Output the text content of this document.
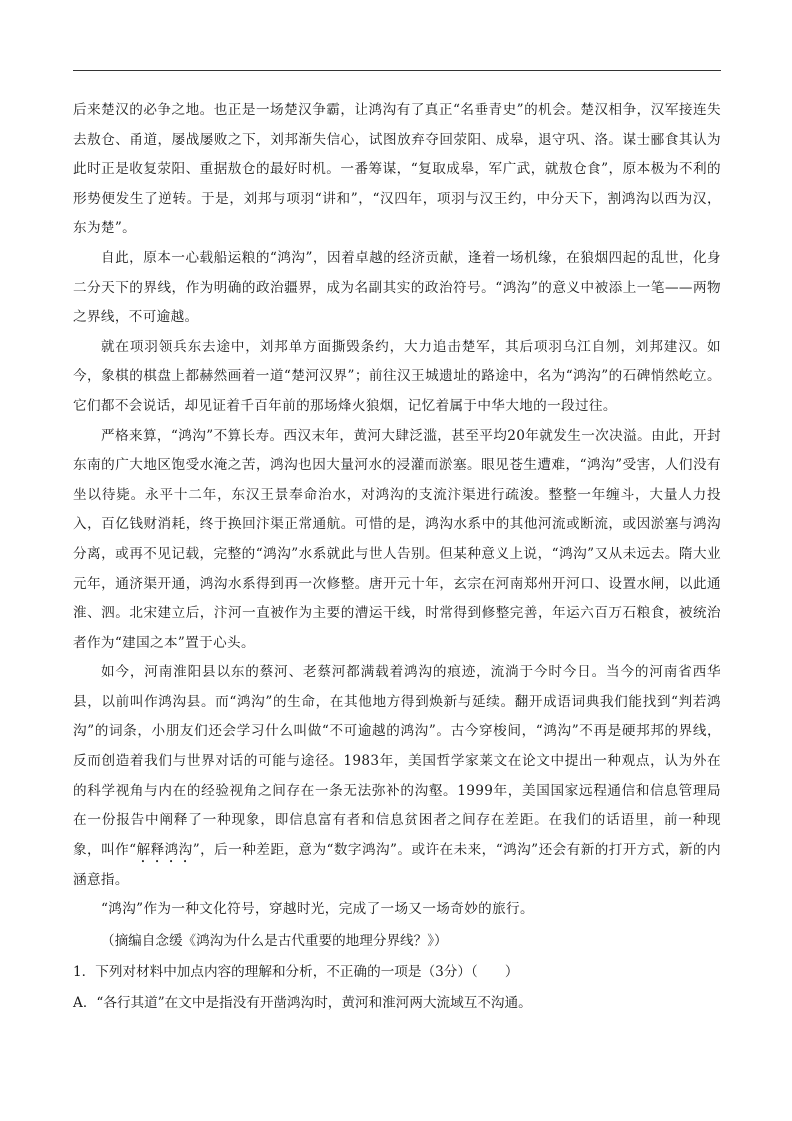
后来楚汉的必争之地。也正是一场楚汉争霸，让鸿沟有了真正“名垂青史”的机会。楚汉相争，汉军接连失去敖仓、甬道，屡战屡败之下，刘邦渐失信心，试图放弃夺回荥阳、成皋，退守巩、洛。谋士郦食其认为此时正是收复荥阳、重据敖仓的最好时机。一番筹谋，“复取成皋，军广武，就敖仓食”，原本极为不利的形势便发生了逆转。于是，刘邦与项羽“讲和”，“汉四年，项羽与汉王约，中分天下，割鸿沟以西为汉，东为楚”。

自此，原本一心载船运粮的“鸿沟”，因着卓越的经济贡献，逢着一场机缘，在狼烟四起的乱世，化身二分天下的界线，作为明确的政治疆界，成为名副其实的政治符号。“鸿沟”的意义中被添上一笔——两物之界线，不可逾越。

就在项羽领兵东去途中，刘邦单方面撕毁条约，大力追击楚军，其后项羽乌江自刎，刘邦建汉。如今，象棋的棋盘上都赫然画着一道“楚河汉界”；前往汉王城遗址的路途中，名为“鸿沟”的石碑悄然屹立。它们都不会说话，却见证着千百年前的那场烽火狼烟，记忆着属于中华大地的一段过往。

严格来算，“鸿沟”不算长寿。西汉末年，黄河大肆泛滥，甚至平均20年就发生一次决溢。由此，开封东南的广大地区饱受水淹之苦，鸿沟也因大量河水的浸灌而淤塞。眼见苍生遭难，“鸿沟”受害，人们没有坐以待毙。永平十二年，东汉王景奉命治水，对鸿沟的支流汴渠进行疏浚。整整一年缠斗，大量人力投入，百亿钱财消耗，终于换回汴渠正常通航。可惜的是，鸿沟水系中的其他河流或断流，或因淤塞与鸿沟分离，或再不见记载，完整的“鸿沟”水系就此与世人告别。但某种意义上说，“鸿沟”又从未远去。隋大业元年，通济渠开通，鸿沟水系得到再一次修整。唐开元十年，玄宗在河南郑州开河口、设置水闸，以此通淮、泗。北宋建立后，汴河一直被作为主要的漕运干线，时常得到修整完善，年运六百万石粮食，被统治者作为“建国之本”置于心头。

如今，河南淮阳县以东的蔡河、老蔡河都满载着鸿沟的痕迹，流淌于今时今日。当今的河南省西华县，以前叫作鸿沟县。而“鸿沟”的生命，在其他地方得到焕新与延续。翻开成语词典我们能找到“判若鸿沟”的词条，小朋友们还会学习什么叫做“不可逾越的鸿沟”。古今穿梭间，“鸿沟”不再是硬邦邦的界线，反而创造着我们与世界对话的可能与途径。1983年，美国哲学家莱文在论文中提出一种观点，认为外在的科学视角与内在的经验视角之间存在一条无法弥补的沟壑。1999年，美国国家远程通信和信息管理局在一份报告中阐释了一种现象，即信息富有者和信息贫困者之间存在差距。在我们的话语里，前一种现象，叫作“解释鸿沟”，后一种差距，意为“数字鸿沟”。或许在未来，“鸿沟”还会有新的打开方式，新的内涵意指。

“鸿沟”作为一种文化符号，穿越时光，完成了一场又一场奇妙的旅行。

（摘编自念缓《鸿沟为什么是古代重要的地理分界线？》）

1．下列对材料中加点内容的理解和分析，不正确的一项是（3分）（　　）

A．“各行其道”在文中是指没有开凿鸿沟时，黄河和淮河两大流域互不沟通。
